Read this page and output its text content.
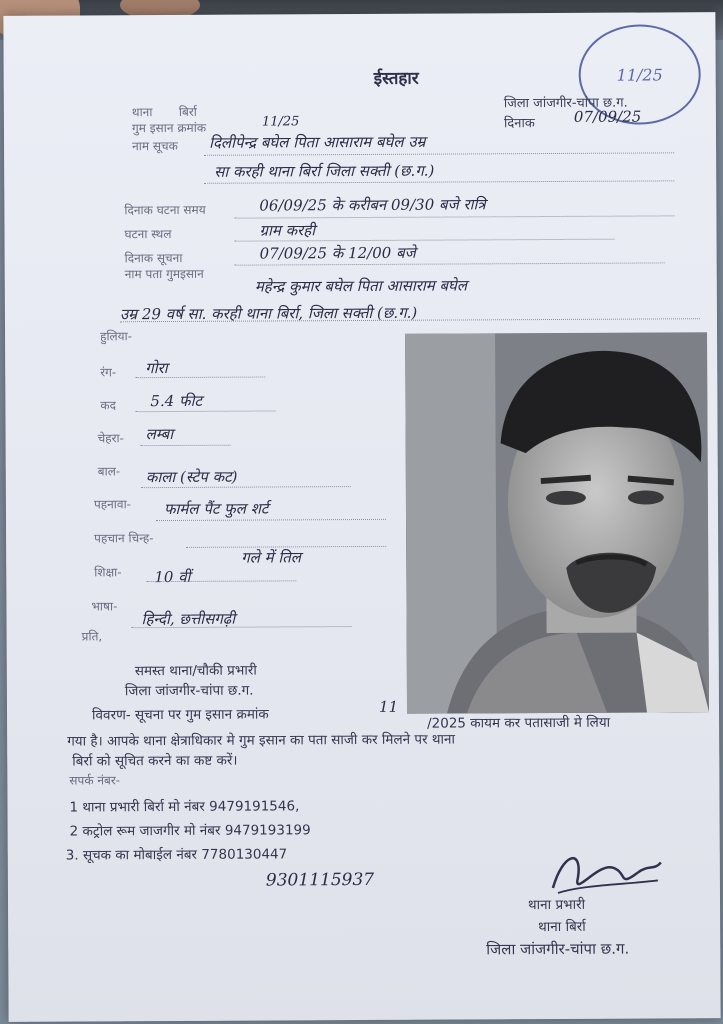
ईस्तहार	11/25
थाना बिर्रा
गुम इसान क्रमांक	11/25
जिला जांजगीर-चांपा छ.ग.
दिनाक	07/09/25
नाम सूचक दिलीपेन्द्र बघेल पिता आसाराम बघेल उम्र
सा करही थाना बिर्रा जिला सक्ती (छ.ग.)
दिनाक घटना समय	06/09/25 के करीबन 09/30 बजे रात्रि
घटना स्थल	ग्राम करही
दिनाक सूचना	07/09/25 के 12/00 बजे
नाम पता गुमइसान
महेन्द्र कुमार बघेल पिता आसाराम बघेल
उम्र 29 वर्ष सा. करही थाना बिर्रा, जिला सक्ती (छ.ग.)
हुलिया-
रंग- गोरा
कद 5.4 फीट
चेहरा- लम्बा
बाल- काला (स्टेप कट)
पहनावा- फार्मल पैंट फुल शर्ट
पहचान चिन्ह-
गले में तिल
शिक्षा- 10 वीं
भाषा-
हिन्दी, छत्तीसगढ़ी
प्रति,
समस्त थाना/चौकी प्रभारी
जिला जांजगीर-चांपा छ.ग.
विवरण- सूचना पर गुम इसान क्रमांक	11
/2025 कायम कर पतासाजी मे लिया
गया है। आपके थाना क्षेत्राधिकार मे गुम इसान का पता साजी कर मिलने पर थाना
बिर्रा को सूचित करने का कष्ट करें।
सपर्क नंबर-
1 थाना प्रभारी बिर्रा मो नंबर 9479191546,
2 कट्रोल रूम जाजगीर मो नंबर 9479193199
3. सूचक का मोबाईल नंबर 7780130447
9301115937
थाना प्रभारी
थाना बिर्रा
जिला जांजगीर-चांपा छ.ग.
